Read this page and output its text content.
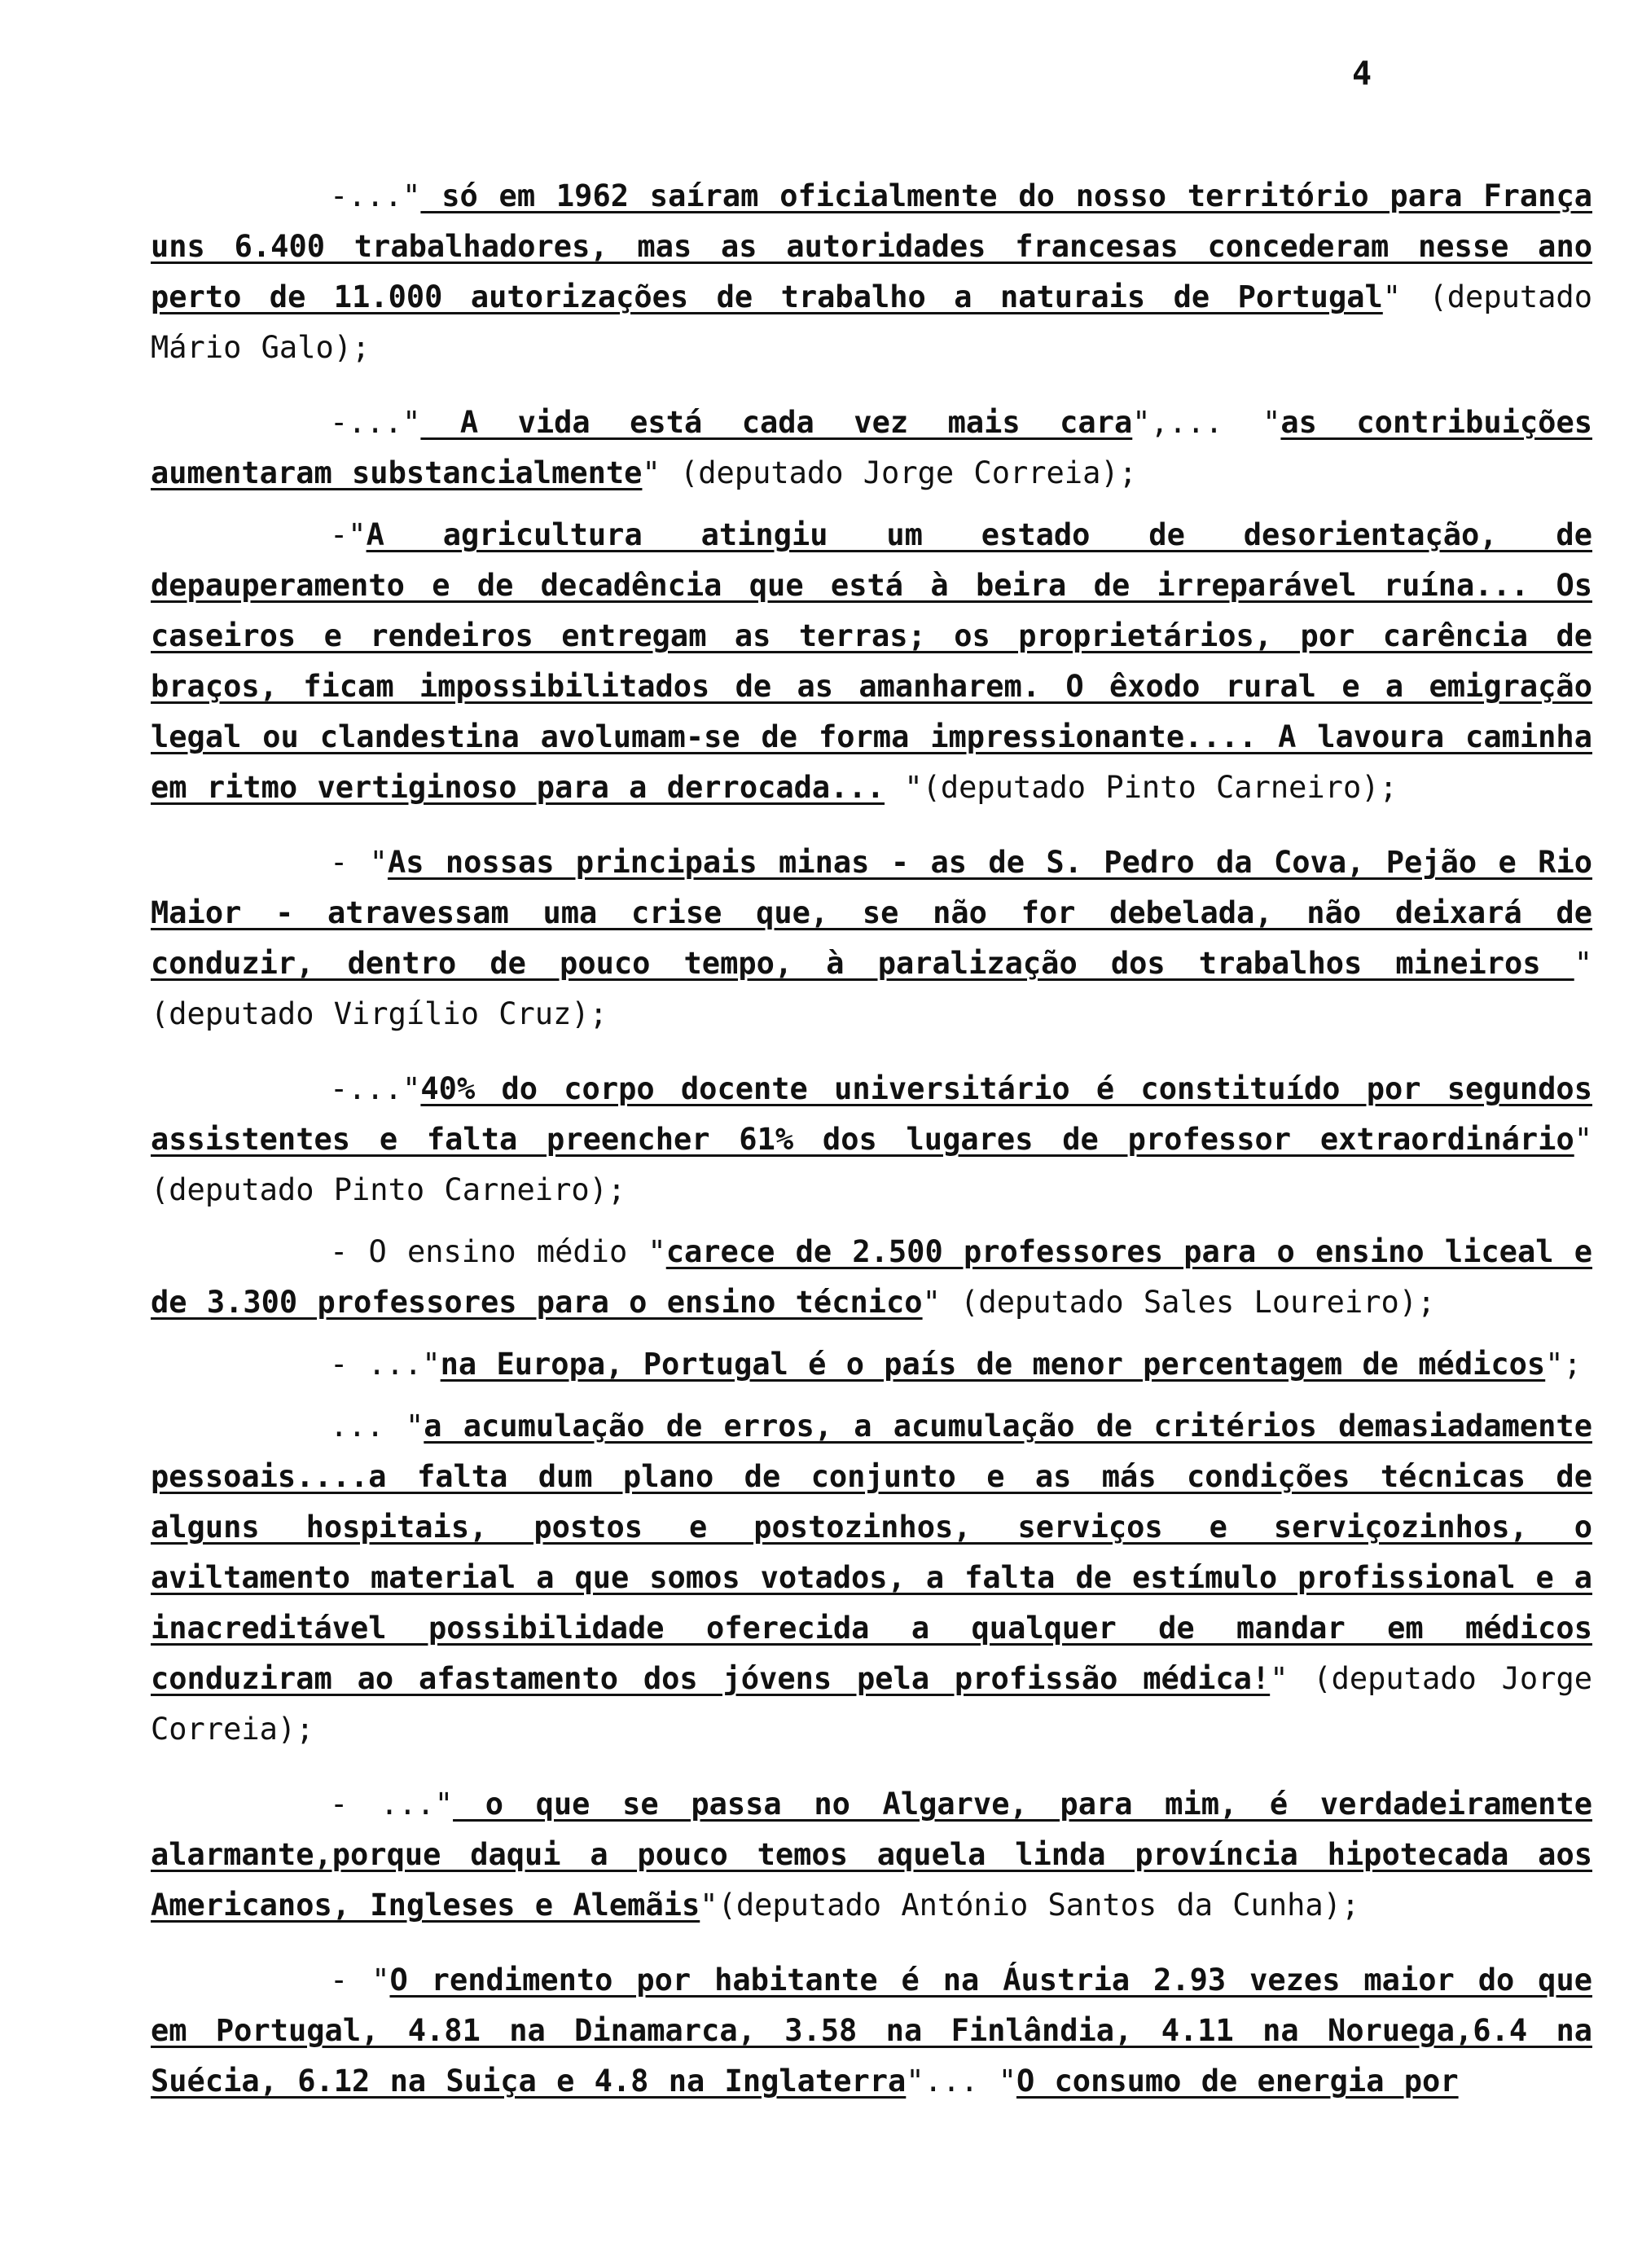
4

-..." só em 1962 saíram oficialmente do nosso território para França uns 6.400 trabalhadores, mas as autoridades francesas concederam nesse ano perto de 11.000 autorizações de trabalho a naturais de Portugal" (deputado Mário Galo);

-..." A vida está cada vez mais cara",... "as contribuições aumentaram substancialmente" (deputado Jorge Correia);

-"A agricultura atingiu um estado de desorientação, de depauperamento e de decadência que está à beira de irreparável ruína... Os caseiros e rendeiros entregam as terras; os proprietários, por carência de braços, ficam impossibilitados de as amanharem. O êxodo rural e a emigração legal ou clandestina avolumam-se de forma impressionante.... A lavoura caminha em ritmo vertiginoso para a derrocada... "(deputado Pinto Carneiro);

- "As nossas principais minas - as de S. Pedro da Cova, Pejão e Rio Maior - atravessam uma crise que, se não for debelada, não deixará de conduzir, dentro de pouco tempo, à paralização dos trabalhos mineiros " (deputado Virgílio Cruz);

-..."40% do corpo docente universitário é constituído por segundos assistentes e falta preencher 61% dos lugares de professor extraordinário" (deputado Pinto Carneiro);

- O ensino médio "carece de 2.500 professores para o ensino liceal e de 3.300 professores para o ensino técnico" (deputado Sales Loureiro);

- ..."na Europa, Portugal é o país de menor percentagem de médicos";

... "a acumulação de erros, a acumulação de critérios demasiadamente pessoais....a falta dum plano de conjunto e as más condições técnicas de alguns hospitais, postos e postozinhos, serviços e serviçozinhos, o aviltamento material a que somos votados, a falta de estímulo profissional e a inacreditável possibilidade oferecida a qualquer de mandar em médicos conduziram ao afastamento dos jóvens pela profissão médica!" (deputado Jorge Correia);

- ..." o que se passa no Algarve, para mim, é verdadeiramente alarmante,porque daqui a pouco temos aquela linda província hipotecada aos Americanos, Ingleses e Alemãis"(deputado António Santos da Cunha);

- "O rendimento por habitante é na Áustria 2.93 vezes maior do que em Portugal, 4.81 na Dinamarca, 3.58 na Finlândia, 4.11 na Noruega,6.4 na Suécia, 6.12 na Suiça e 4.8 na Inglaterra"... "O consumo de energia por
